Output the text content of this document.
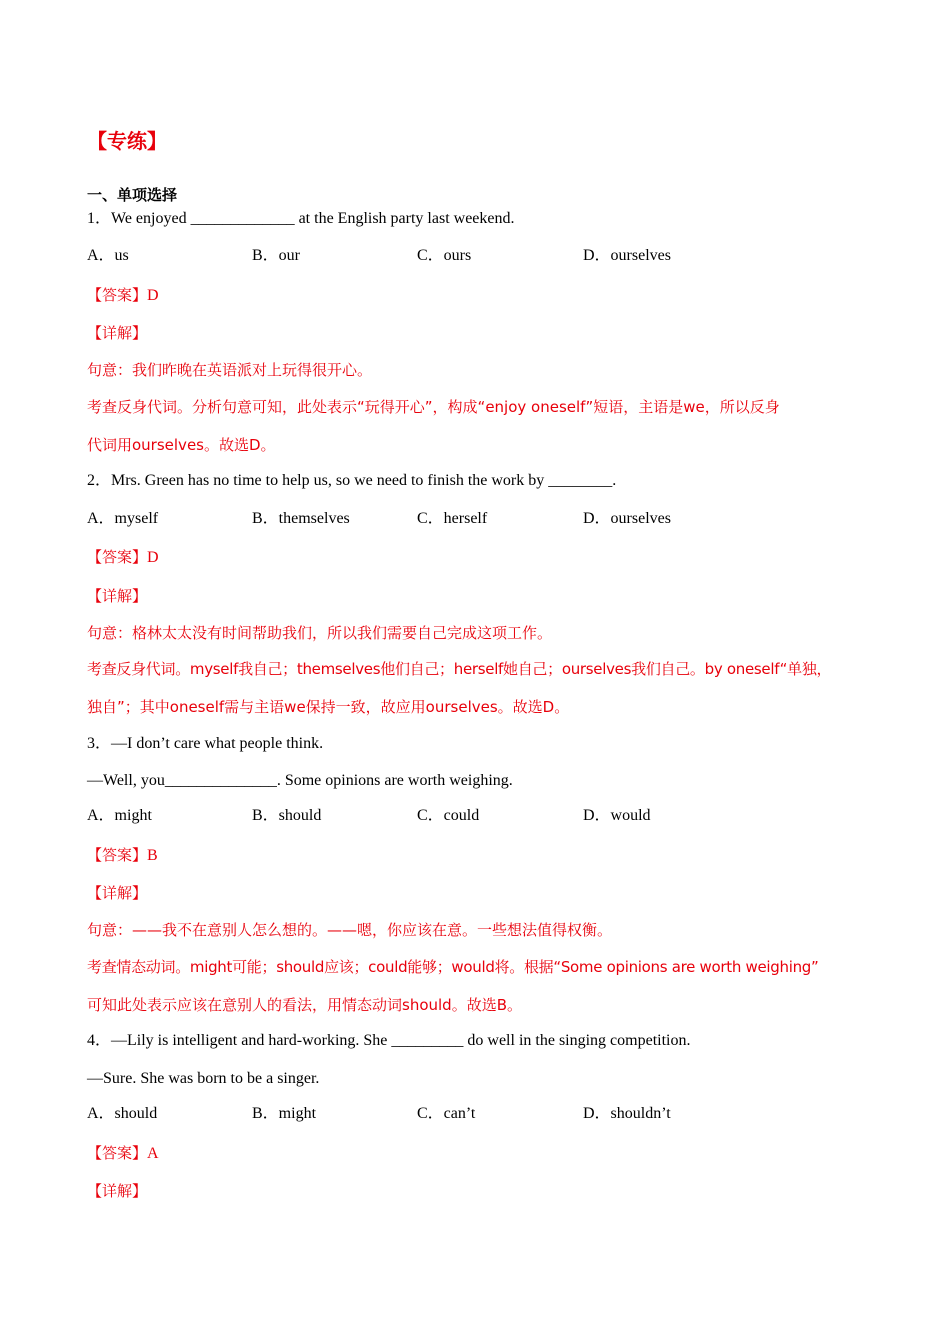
【专练】
一、单项选择
1．We enjoyed _____________ at the English party last weekend.
A．us	B．our	C．ours	D．ourselves
【答案】D
【详解】
句意：我们昨晚在英语派对上玩得很开心。
考查反身代词。分析句意可知，此处表示“玩得开心”，构成“enjoy oneself”短语，主语是we，所以反身
代词用ourselves。故选D。
2．Mrs. Green has no time to help us, so we need to finish the work by ________.
A．myself	B．themselves	C．herself	D．ourselves
【答案】D
【详解】
句意：格林太太没有时间帮助我们，所以我们需要自己完成这项工作。
考查反身代词。myself我自己；themselves他们自己；herself她自己；ourselves我们自己。by oneself“单独，
独自”；其中oneself需与主语we保持一致，故应用ourselves。故选D。
3．—I don’t care what people think.
—Well, you______________. Some opinions are worth weighing.
A．might	B．should	C．could	D．would
【答案】B
【详解】
句意：——我不在意别人怎么想的。——嗯，你应该在意。一些想法值得权衡。
考查情态动词。might可能；should应该；could能够；would将。根据“Some opinions are worth weighing”
可知此处表示应该在意别人的看法，用情态动词should。故选B。
4．—Lily is intelligent and hard-working. She _________ do well in the singing competition.
—Sure. She was born to be a singer.
A．should	B．might	C．can’t	D．shouldn’t
【答案】A
【详解】
